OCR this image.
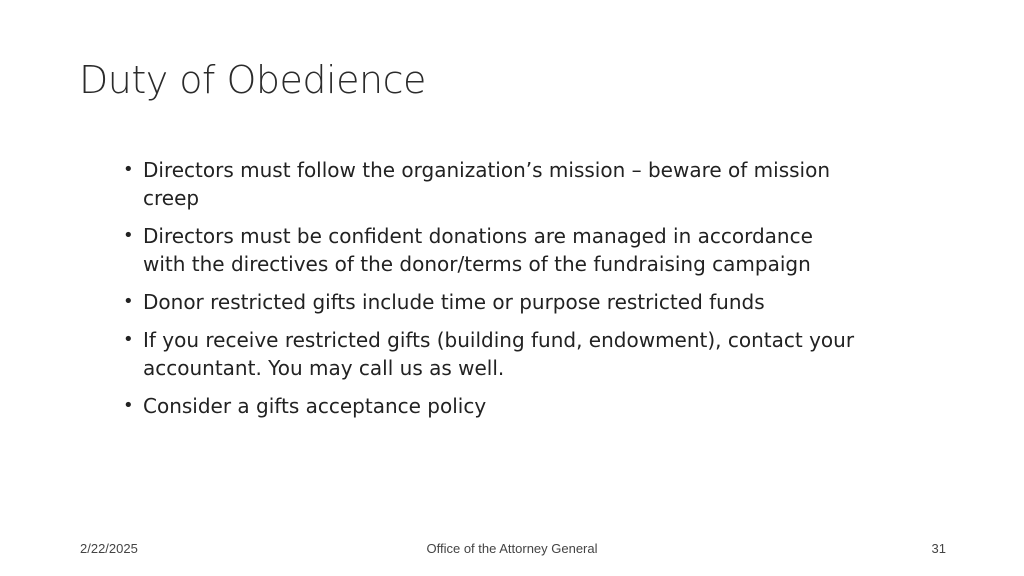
Duty of Obedience
• Directors must follow the organization’s mission – beware of mission creep
• Directors must be confident donations are managed in accordance with the directives of the donor/terms of the fundraising campaign
• Donor restricted gifts include time or purpose restricted funds
• If you receive restricted gifts (building fund, endowment), contact your accountant. You may call us as well.
• Consider a gifts acceptance policy
2/22/2025	Office of the Attorney General	31
